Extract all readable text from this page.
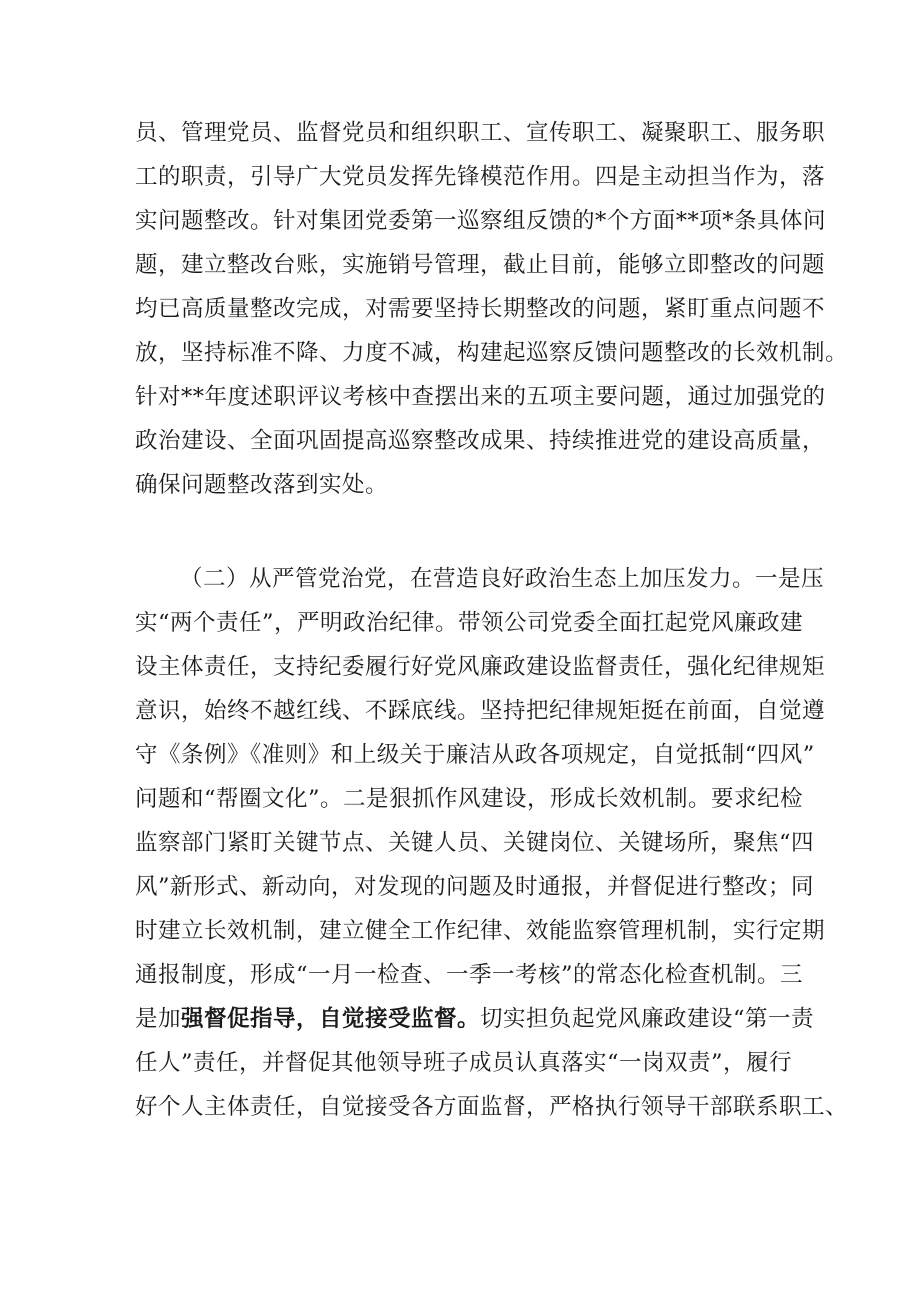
员、管理党员、监督党员和组织职工、宣传职工、凝聚职工、服务职
工的职责，引导广大党员发挥先锋模范作用。四是主动担当作为，落
实问题整改。针对集团党委第一巡察组反馈的*个方面**项*条具体问
题，建立整改台账，实施销号管理，截止目前，能够立即整改的问题
均已高质量整改完成，对需要坚持长期整改的问题，紧盯重点问题不
放，坚持标准不降、力度不减，构建起巡察反馈问题整改的长效机制。
针对**年度述职评议考核中查摆出来的五项主要问题，通过加强党的
政治建设、全面巩固提高巡察整改成果、持续推进党的建设高质量，
确保问题整改落到实处。
（二）从严管党治党，在营造良好政治生态上加压发力。一是压
实“两个责任”，严明政治纪律。带领公司党委全面扛起党风廉政建
设主体责任，支持纪委履行好党风廉政建设监督责任，强化纪律规矩
意识，始终不越红线、不踩底线。坚持把纪律规矩挺在前面，自觉遵
守《条例》《准则》和上级关于廉洁从政各项规定，自觉抵制“四风”
问题和“帮圈文化”。二是狠抓作风建设，形成长效机制。要求纪检
监察部门紧盯关键节点、关键人员、关键岗位、关键场所，聚焦“四
风”新形式、新动向，对发现的问题及时通报，并督促进行整改；同
时建立长效机制，建立健全工作纪律、效能监察管理机制，实行定期
通报制度，形成“一月一检查、一季一考核”的常态化检查机制。三
是加强督促指导，自觉接受监督。切实担负起党风廉政建设“第一责
任人”责任，并督促其他领导班子成员认真落实“一岗双责”，履行
好个人主体责任，自觉接受各方面监督，严格执行领导干部联系职工、
